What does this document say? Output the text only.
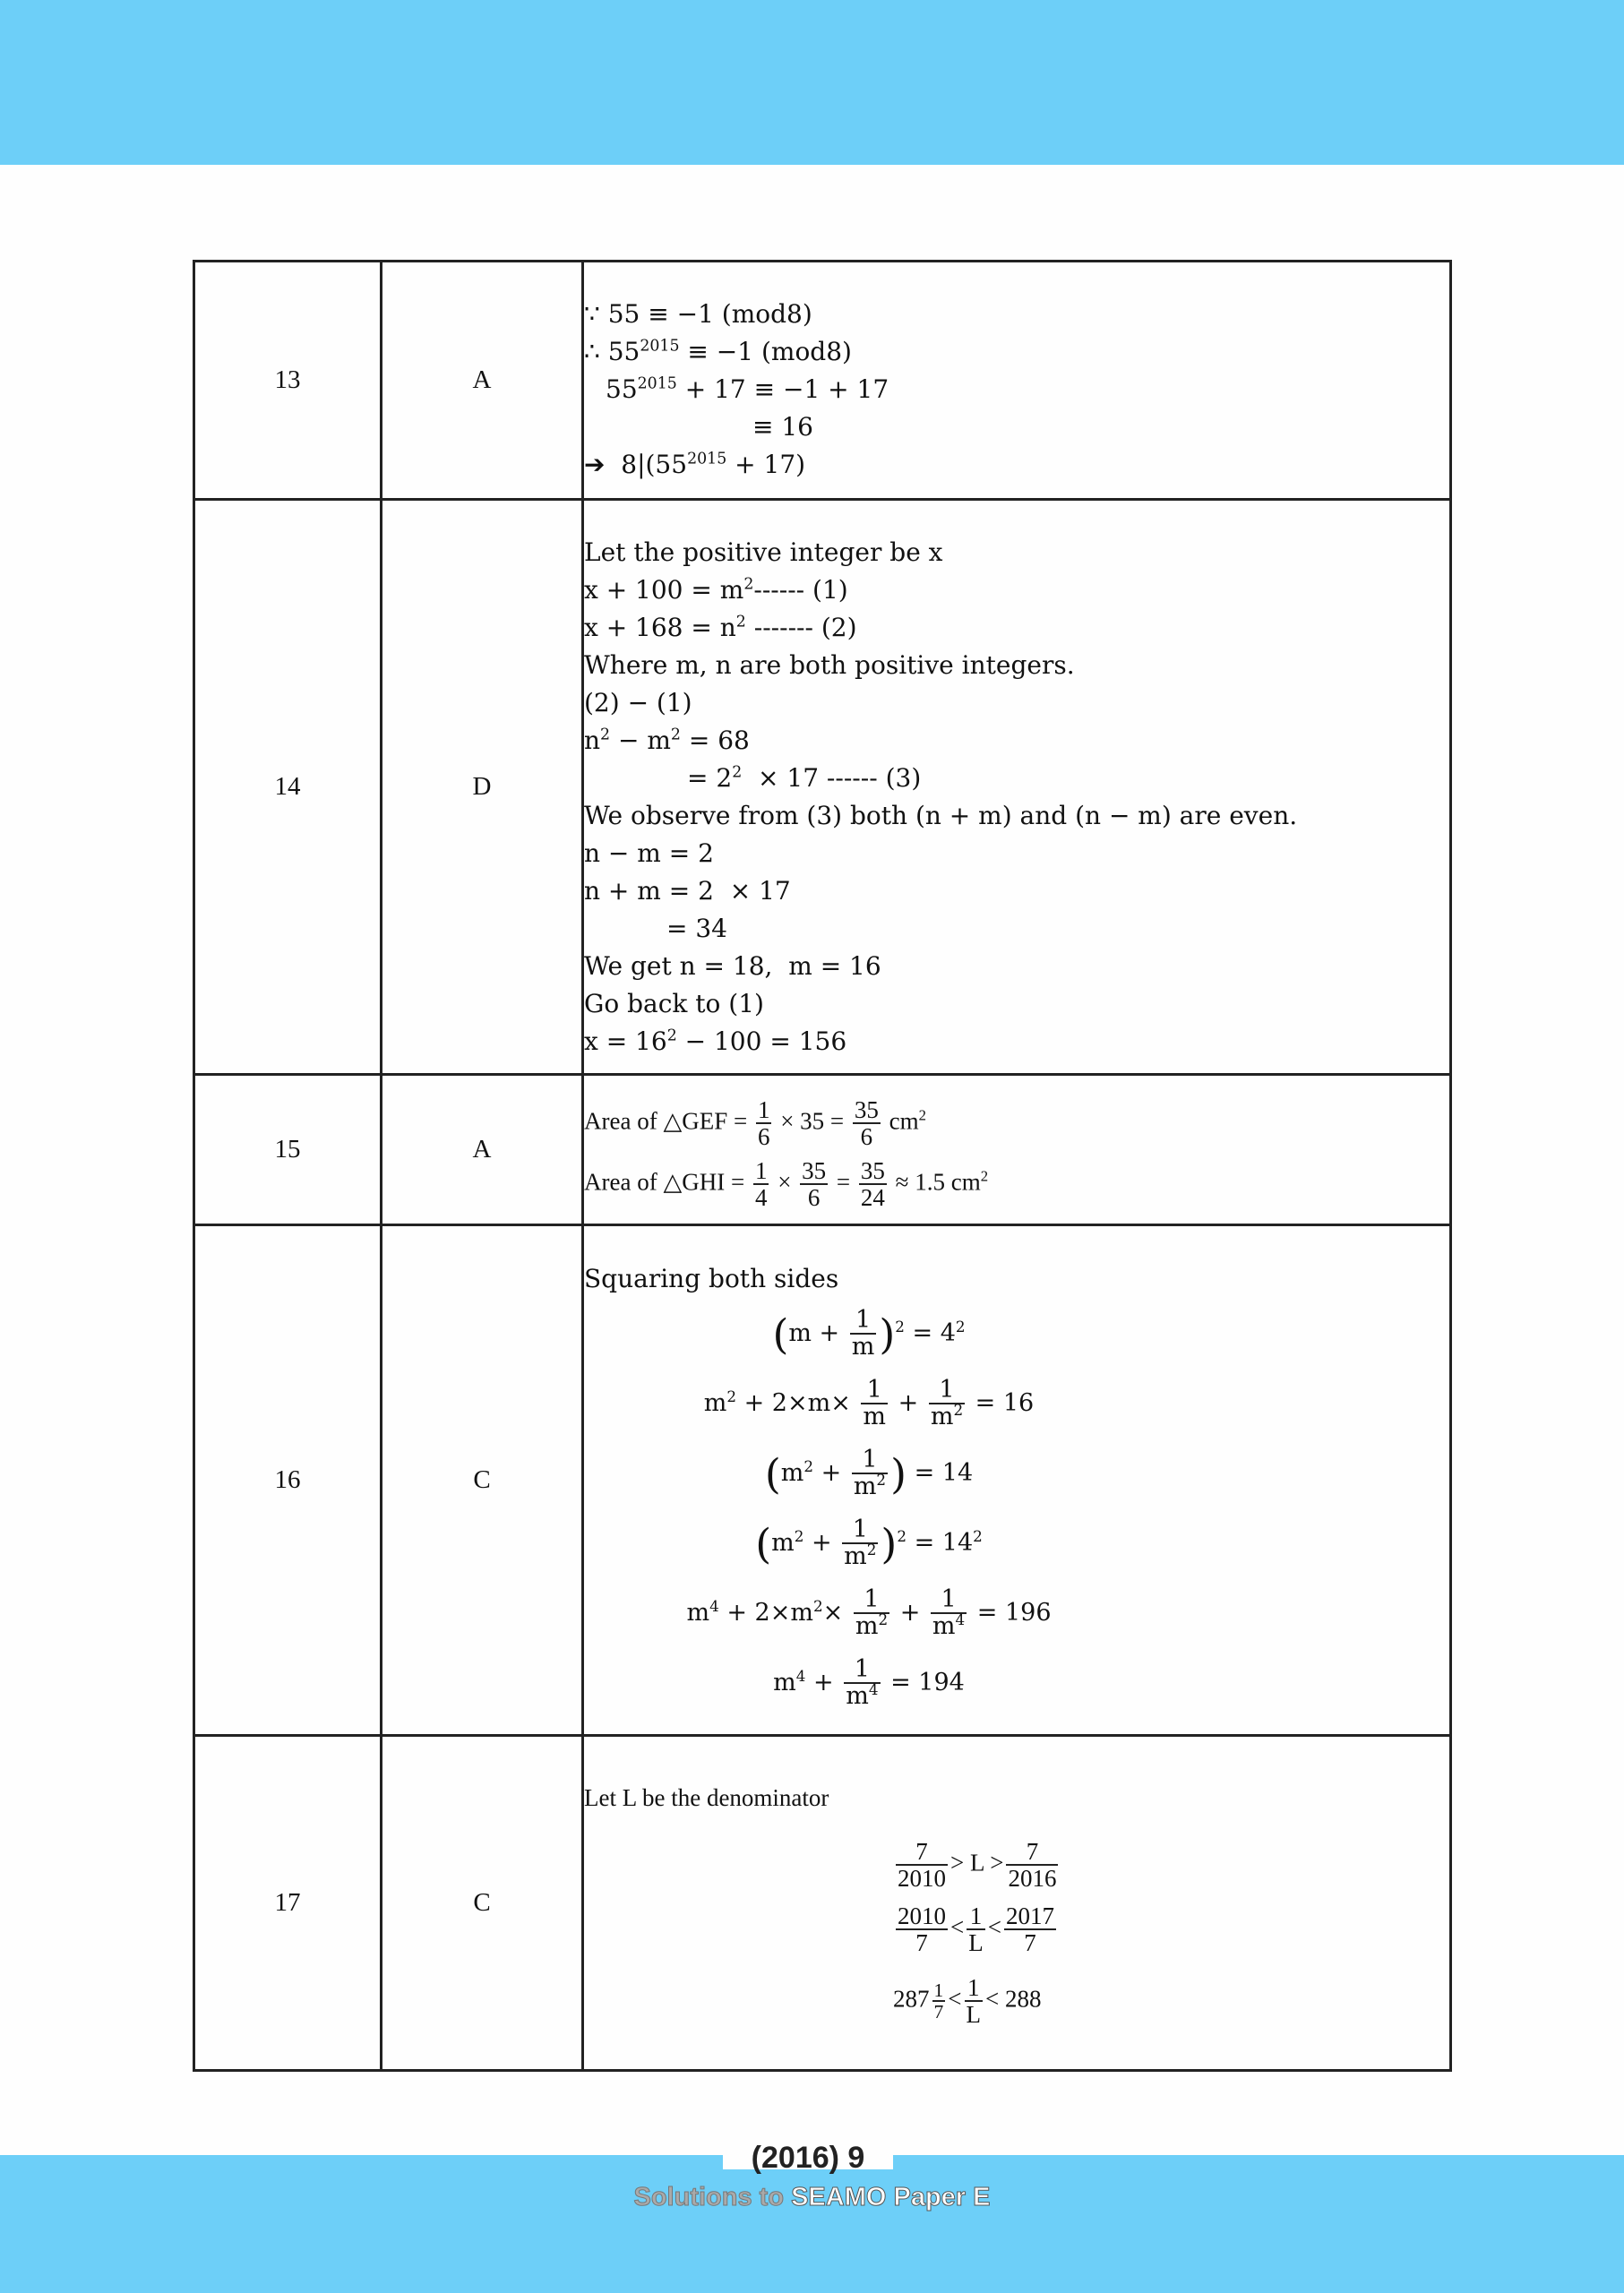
13	A	∵ 55 ≡ −1 (mod8)
∴ $55^{2015} \equiv -1$ (mod8)
$55^{2015} + 17 \equiv -1 + 17$
≡ 16
➔  $8|(55^{2015} + 17)$

14	D	
Let the positive integer be x
$x + 100 = m^2------$ (1)
$x + 168 = n^2$ ------- (2)
Where m, n are both positive integers.
(2) − (1)
$n^2 - m^2 = 68$
= $2^2 \times 17$ ------ (3)
We observe from (3) both (n + m) and (n − m) are even.
n − m = 2
n + m = 2  × 17
= 34
We get n = 18,  m = 16
Go back to (1)
$x = 16^2 - 100 = 156$

15	A	
Area of △GEF = $\frac{1}{6} \times 35 = \frac{35}{6} cm^2$
Area of △GHI = $\frac{1}{4} \times \frac{35}{6} = \frac{35}{24} \approx 1.5$ $cm^2$

16	C	
Squaring both sides
$(m + \frac{1}{m} )^2 = 4^2$
$m^2 + 2\times m\times \frac{1}{m} + \frac{1}{m^2} = 16$
($m^2 + \frac{1}{m^2}$ ) = 14
$(m^2 + \frac{1}{m^2} )^2 = 14^2$
$m^4 + 2\times m^2\times \frac{1}{m^2} + \frac{1}{m^4} = 196$
$m^4 + \frac{1}{m^4} = 194$

17	C	
Let L be the denominator
$\frac{7}{2010} > L > \frac{7}{2016}$
$\frac{2010}{7} < \frac{1}{L} < \frac{2017}{7}$
$287 \frac{1}{7} < \frac{1}{L} < 288$
(2016) 9
Solutions to SEAMO Paper E
